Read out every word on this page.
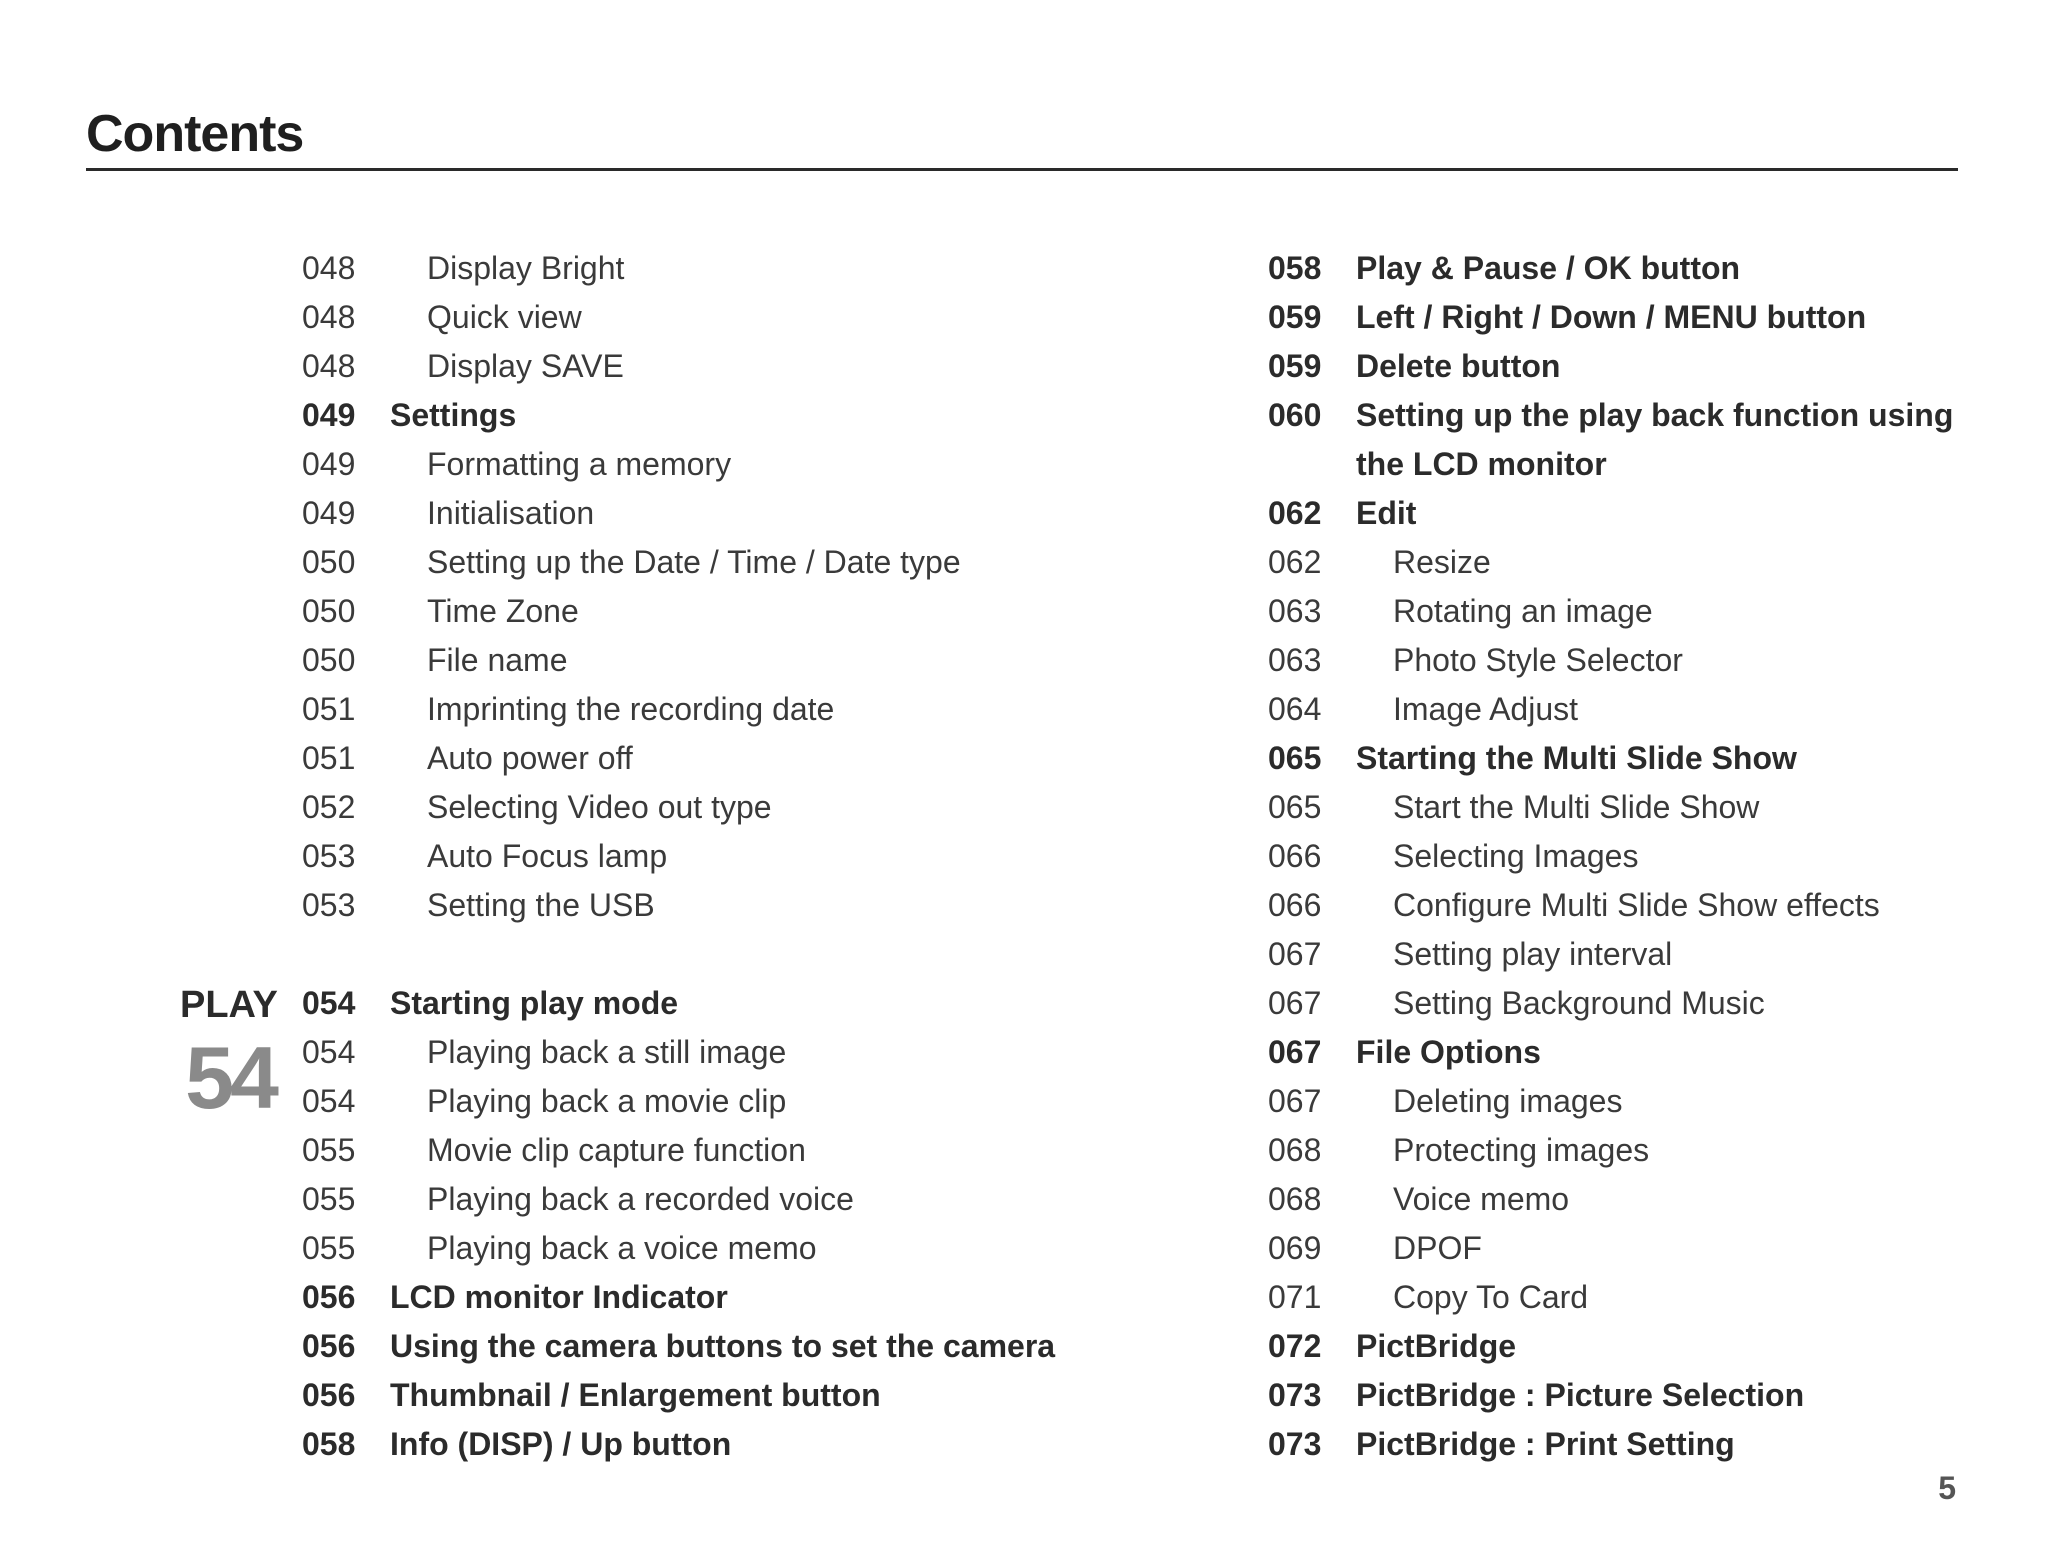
Contents
PLAY
54
048 Display Bright
048 Quick view
048 Display SAVE
049 Settings
049 Formatting a memory
049 Initialisation
050 Setting up the Date / Time / Date type
050 Time Zone
050 File name
051 Imprinting the recording date
051 Auto power off
052 Selecting Video out type
053 Auto Focus lamp
053 Setting the USB
054 Starting play mode
054 Playing back a still image
054 Playing back a movie clip
055 Movie clip capture function
055 Playing back a recorded voice
055 Playing back a voice memo
056 LCD monitor Indicator
056 Using the camera buttons to set the camera
056 Thumbnail / Enlargement button
058 Info (DISP) / Up button
058 Play & Pause / OK button
059 Left / Right / Down / MENU button
059 Delete button
060 Setting up the play back function using
the LCD monitor
062 Edit
062 Resize
063 Rotating an image
063 Photo Style Selector
064 Image Adjust
065 Starting the Multi Slide Show
065 Start the Multi Slide Show
066 Selecting Images
066 Configure Multi Slide Show effects
067 Setting play interval
067 Setting Background Music
067 File Options
067 Deleting images
068 Protecting images
068 Voice memo
069 DPOF
071 Copy To Card
072 PictBridge
073 PictBridge : Picture Selection
073 PictBridge : Print Setting
5
